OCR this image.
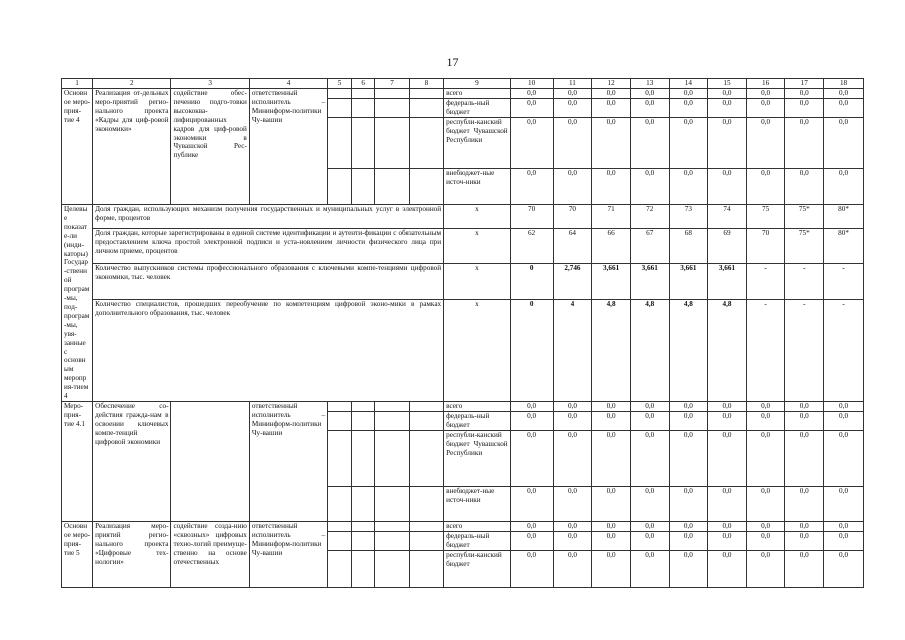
17
1	2	3	4	5	6	7	8	9	10	11	12	13	14	15	16	17	18
Основное меро-прия-тие 4	Реализация от-дельных меро-приятий регио-нального проекта «Кадры для циф-ровой экономики»	содействие обес-печению подго-товки высококва-лифицированных кадров для циф-ровой экономики в Чувашской Рес-публике	ответственный исполнитель – Мининформ-политики Чу-вашии					всего	0,0	0,0	0,0	0,0	0,0	0,0	0,0	0,0	0,0
								федераль-ный бюджет	0,0	0,0	0,0	0,0	0,0	0,0	0,0	0,0	0,0
								республи-канский бюджет Чувашской Республики	0,0	0,0	0,0	0,0	0,0	0,0	0,0	0,0	0,0
								внебюджет-ные источ-ники	0,0	0,0	0,0	0,0	0,0	0,0	0,0	0,0	0,0
Целевые показате-ли (инди-каторы) Государ-ственной програм-мы, под-програм-мы, увя-занные с основным мероприя-тием 4	Доля граждан, использующих механизм получения государственных и муниципальных услуг в электронной форме, процентов							x	70	70	71	72	73	74	75	75*	80*
	Доля граждан, которые зарегистрированы в единой системе идентификации и аутенти-фикации с обязательным предоставлением ключа простой электронной подписи и уста-новлением личности физического лица при личном приеме, процентов							x	62	64	66	67	68	69	70	75*	80*
	Количество выпускников системы профессионального образования с ключевыми компе-тенциями цифровой экономики, тыс. человек							x	0	2,746	3,661	3,661	3,661	3,661	-	-	-
	Количество специалистов, прошедших переобучение по компетенциям цифровой эконо-мики в рамках дополнительного образования, тыс. человек							x	0	4	4,8	4,8	4,8	4,8	-	-	-
Меро-прия-тие 4.1	Обеспечение со-действия гражда-нам в освоении ключевых компе-тенций цифровой экономики		ответственный исполнитель – Мининформ-политики Чу-вашии					всего	0,0	0,0	0,0	0,0	0,0	0,0	0,0	0,0	0,0
								федераль-ный бюджет	0,0	0,0	0,0	0,0	0,0	0,0	0,0	0,0	0,0
								республи-канский бюджет Чувашской Республики	0,0	0,0	0,0	0,0	0,0	0,0	0,0	0,0	0,0
								внебюджет-ные источ-ники	0,0	0,0	0,0	0,0	0,0	0,0	0,0	0,0	0,0
Основное меро-прия-тие 5	Реализация меро-приятий регио-нального проекта «Цифровые тех-нологии»	содействие созда-нию «сквозных» цифровых техно-логий преимуще-ственно на основе отечественных	ответственный исполнитель – Мининформ-политики Чу-вашии					всего	0,0	0,0	0,0	0,0	0,0	0,0	0,0	0,0	0,0
								федераль-ный бюджет	0,0	0,0	0,0	0,0	0,0	0,0	0,0	0,0	0,0
								республи-канский бюджет	0,0	0,0	0,0	0,0	0,0	0,0	0,0	0,0	0,0
